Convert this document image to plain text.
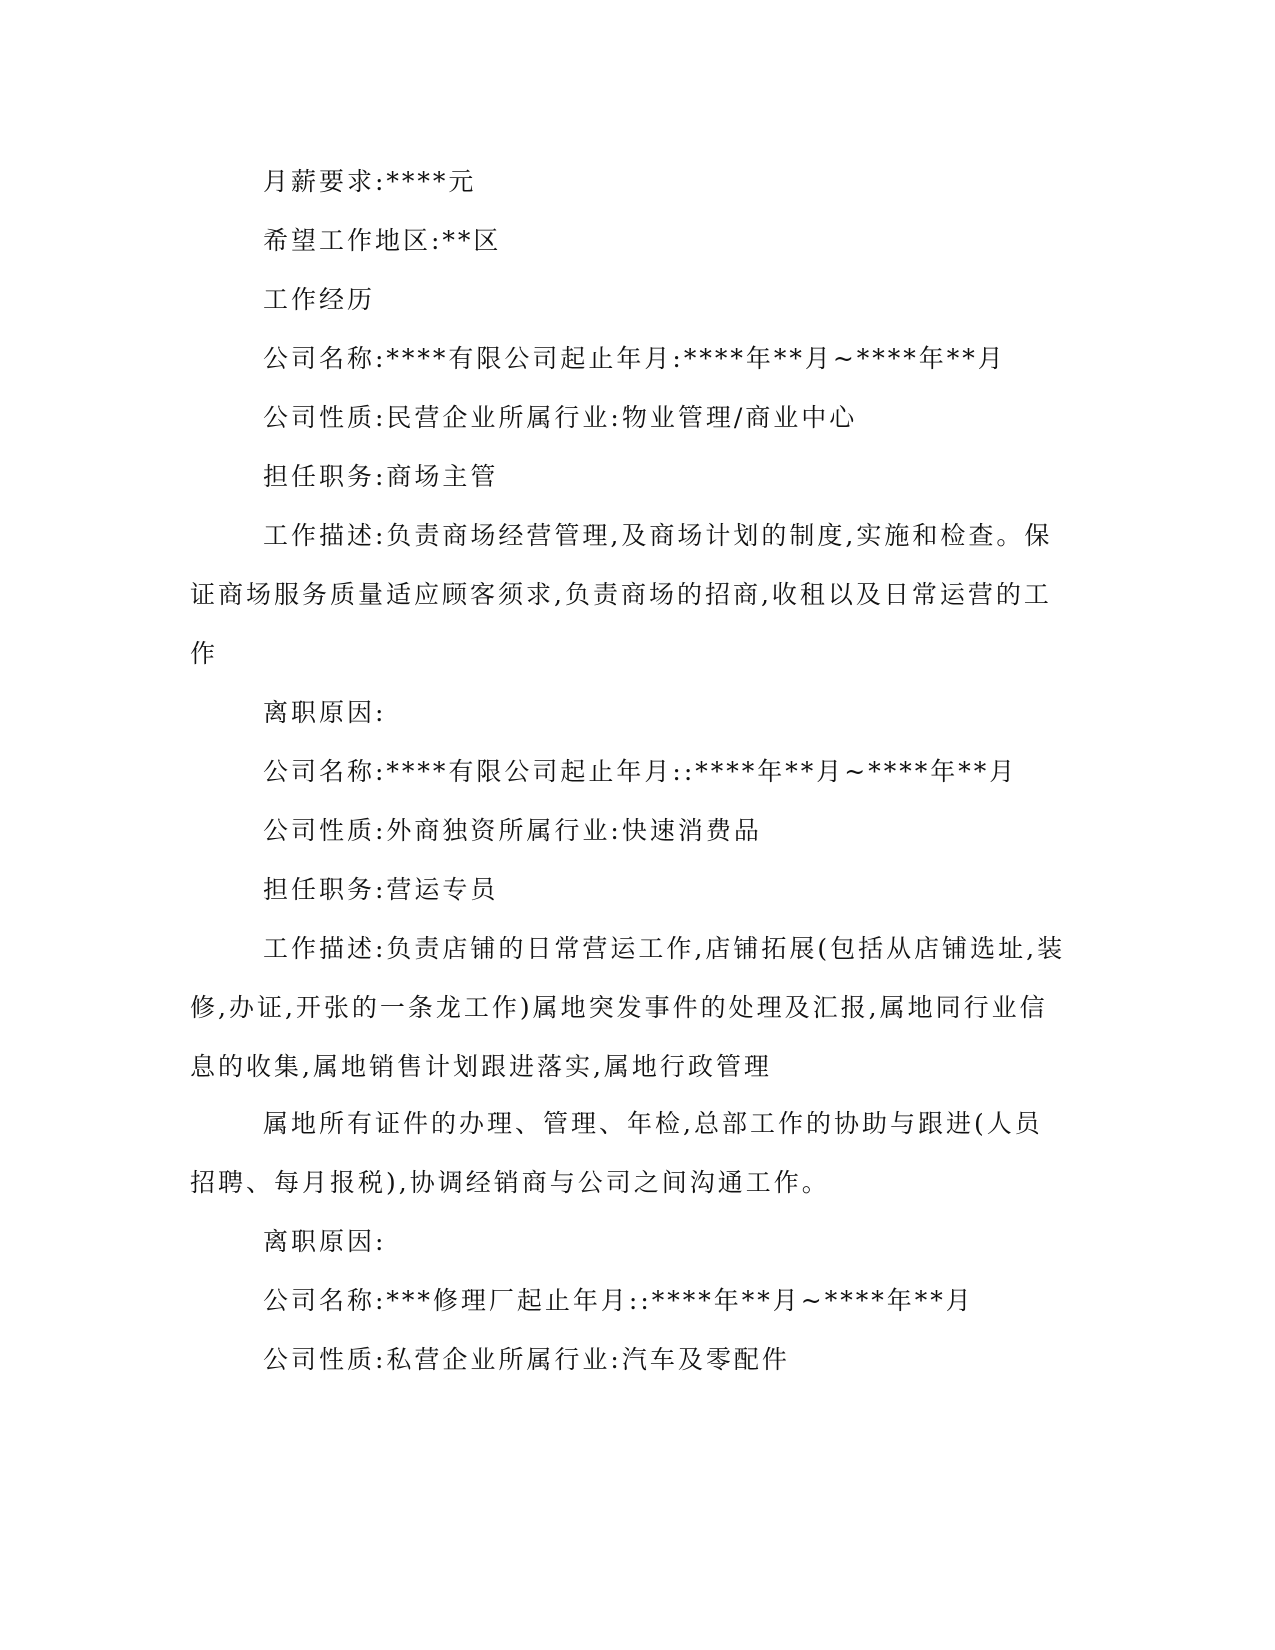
月薪要求:****元

希望工作地区:**区

工作经历

公司名称:****有限公司起止年月:****年**月~****年**月

公司性质:民营企业所属行业:物业管理/商业中心

担任职务:商场主管

工作描述:负责商场经营管理,及商场计划的制度,实施和检查。保证商场服务质量适应顾客须求,负责商场的招商,收租以及日常运营的工作

离职原因:

公司名称:****有限公司起止年月::****年**月~****年**月

公司性质:外商独资所属行业:快速消费品

担任职务:营运专员

工作描述:负责店铺的日常营运工作,店铺拓展(包括从店铺选址,装修,办证,开张的一条龙工作)属地突发事件的处理及汇报,属地同行业信息的收集,属地销售计划跟进落实,属地行政管理

属地所有证件的办理、管理、年检,总部工作的协助与跟进(人员招聘、每月报税),协调经销商与公司之间沟通工作。

离职原因:

公司名称:***修理厂起止年月::****年**月~****年**月

公司性质:私营企业所属行业:汽车及零配件
